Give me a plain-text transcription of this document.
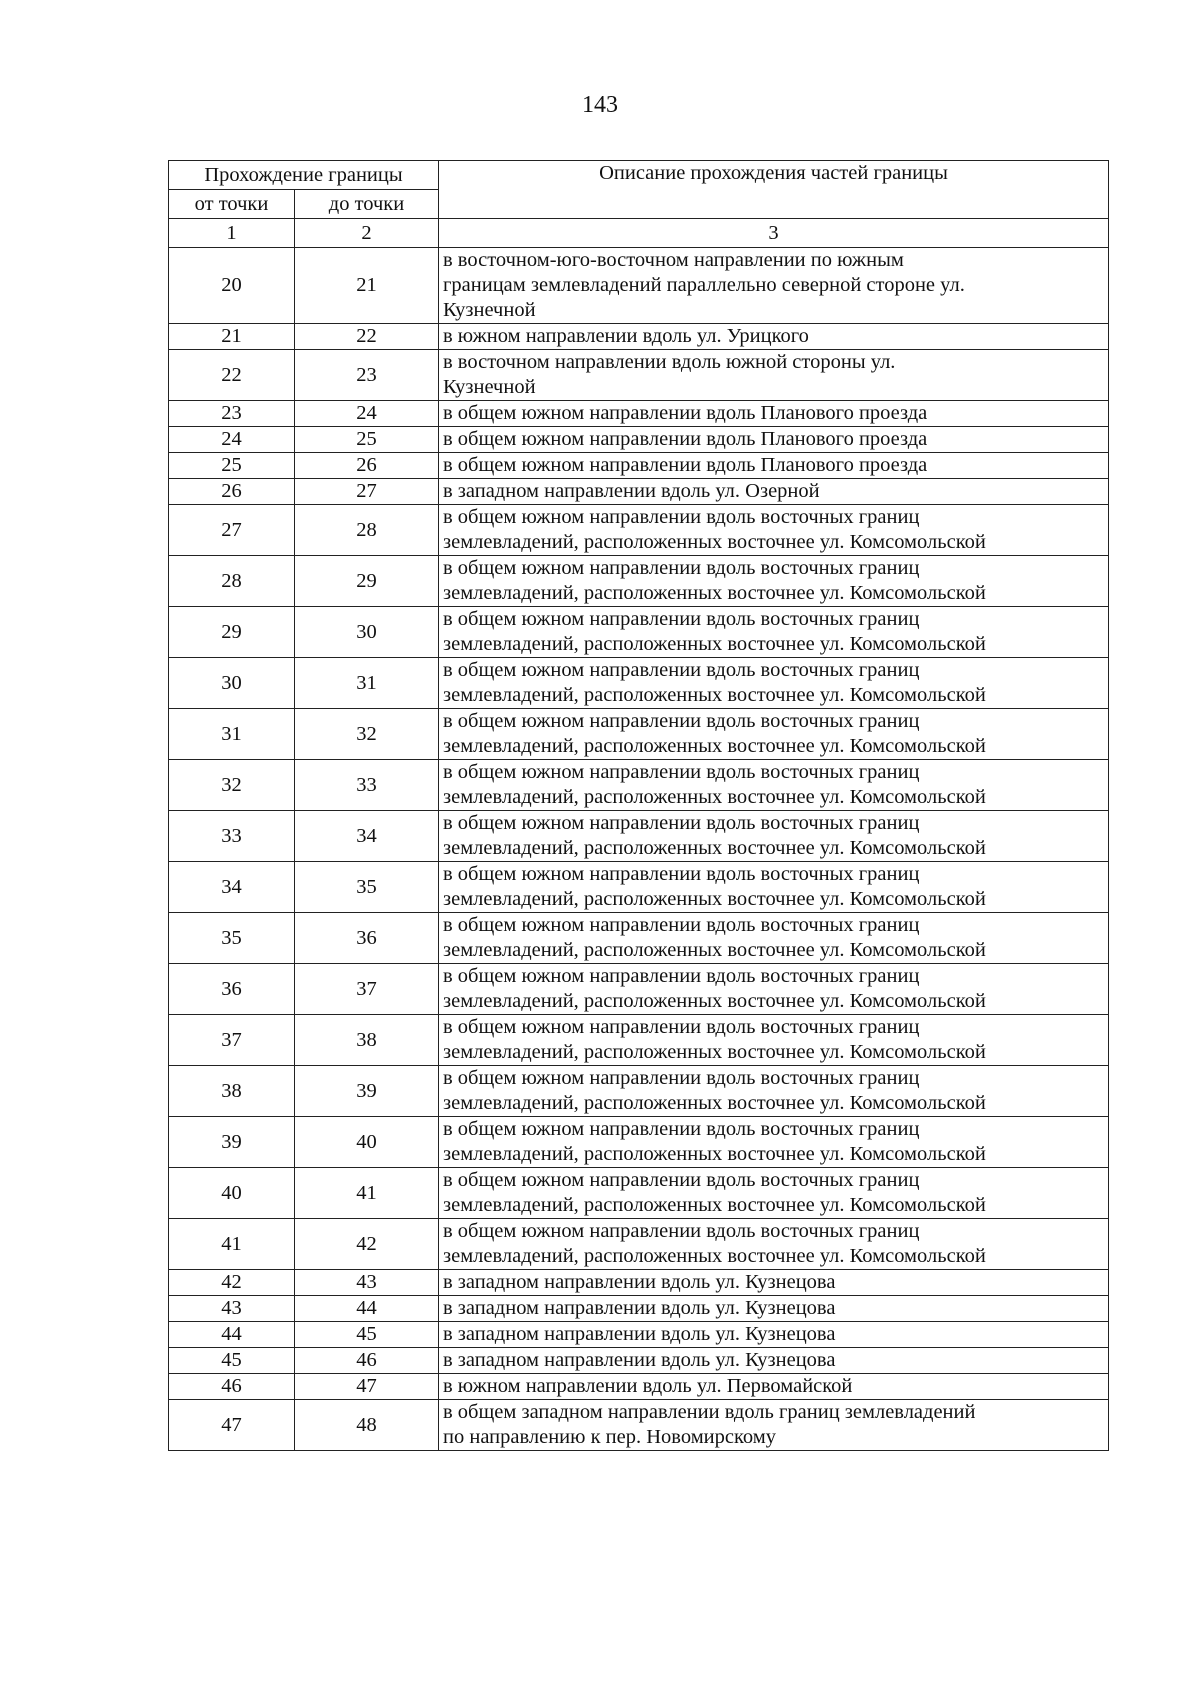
143
Прохождение границы		Описание прохождения частей границы
от точки	до точки	
1	2	3
20	21	в восточном-юго-восточном направлении по южным
границам землевладений параллельно северной стороне ул.
Кузнечной

21	22	в южном направлении вдоль ул. Урицкого

22	23	в восточном направлении вдоль южной стороны ул.
Кузнечной

23	24	в общем южном направлении вдоль Планового проезда

24	25	в общем южном направлении вдоль Планового проезда

25	26	в общем южном направлении вдоль Планового проезда

26	27	в западном направлении вдоль ул. Озерной

27	28	в общем южном направлении вдоль восточных границ
землевладений, расположенных восточнее ул. Комсомольской

28	29	в общем южном направлении вдоль восточных границ
землевладений, расположенных восточнее ул. Комсомольской

29	30	в общем южном направлении вдоль восточных границ
землевладений, расположенных восточнее ул. Комсомольской

30	31	в общем южном направлении вдоль восточных границ
землевладений, расположенных восточнее ул. Комсомольской

31	32	в общем южном направлении вдоль восточных границ
землевладений, расположенных восточнее ул. Комсомольской

32	33	в общем южном направлении вдоль восточных границ
землевладений, расположенных восточнее ул. Комсомольской

33	34	в общем южном направлении вдоль восточных границ
землевладений, расположенных восточнее ул. Комсомольской

34	35	в общем южном направлении вдоль восточных границ
землевладений, расположенных восточнее ул. Комсомольской

35	36	в общем южном направлении вдоль восточных границ
землевладений, расположенных восточнее ул. Комсомольской

36	37	в общем южном направлении вдоль восточных границ
землевладений, расположенных восточнее ул. Комсомольской

37	38	в общем южном направлении вдоль восточных границ
землевладений, расположенных восточнее ул. Комсомольской

38	39	в общем южном направлении вдоль восточных границ
землевладений, расположенных восточнее ул. Комсомольской

39	40	в общем южном направлении вдоль восточных границ
землевладений, расположенных восточнее ул. Комсомольской

40	41	в общем южном направлении вдоль восточных границ
землевладений, расположенных восточнее ул. Комсомольской

41	42	в общем южном направлении вдоль восточных границ
землевладений, расположенных восточнее ул. Комсомольской

42	43	в западном направлении вдоль ул. Кузнецова

43	44	в западном направлении вдоль ул. Кузнецова

44	45	в западном направлении вдоль ул. Кузнецова

45	46	в западном направлении вдоль ул. Кузнецова

46	47	в южном направлении вдоль ул. Первомайской

47	48	в общем западном направлении вдоль границ землевладений
по направлению к пер. Новомирскому
